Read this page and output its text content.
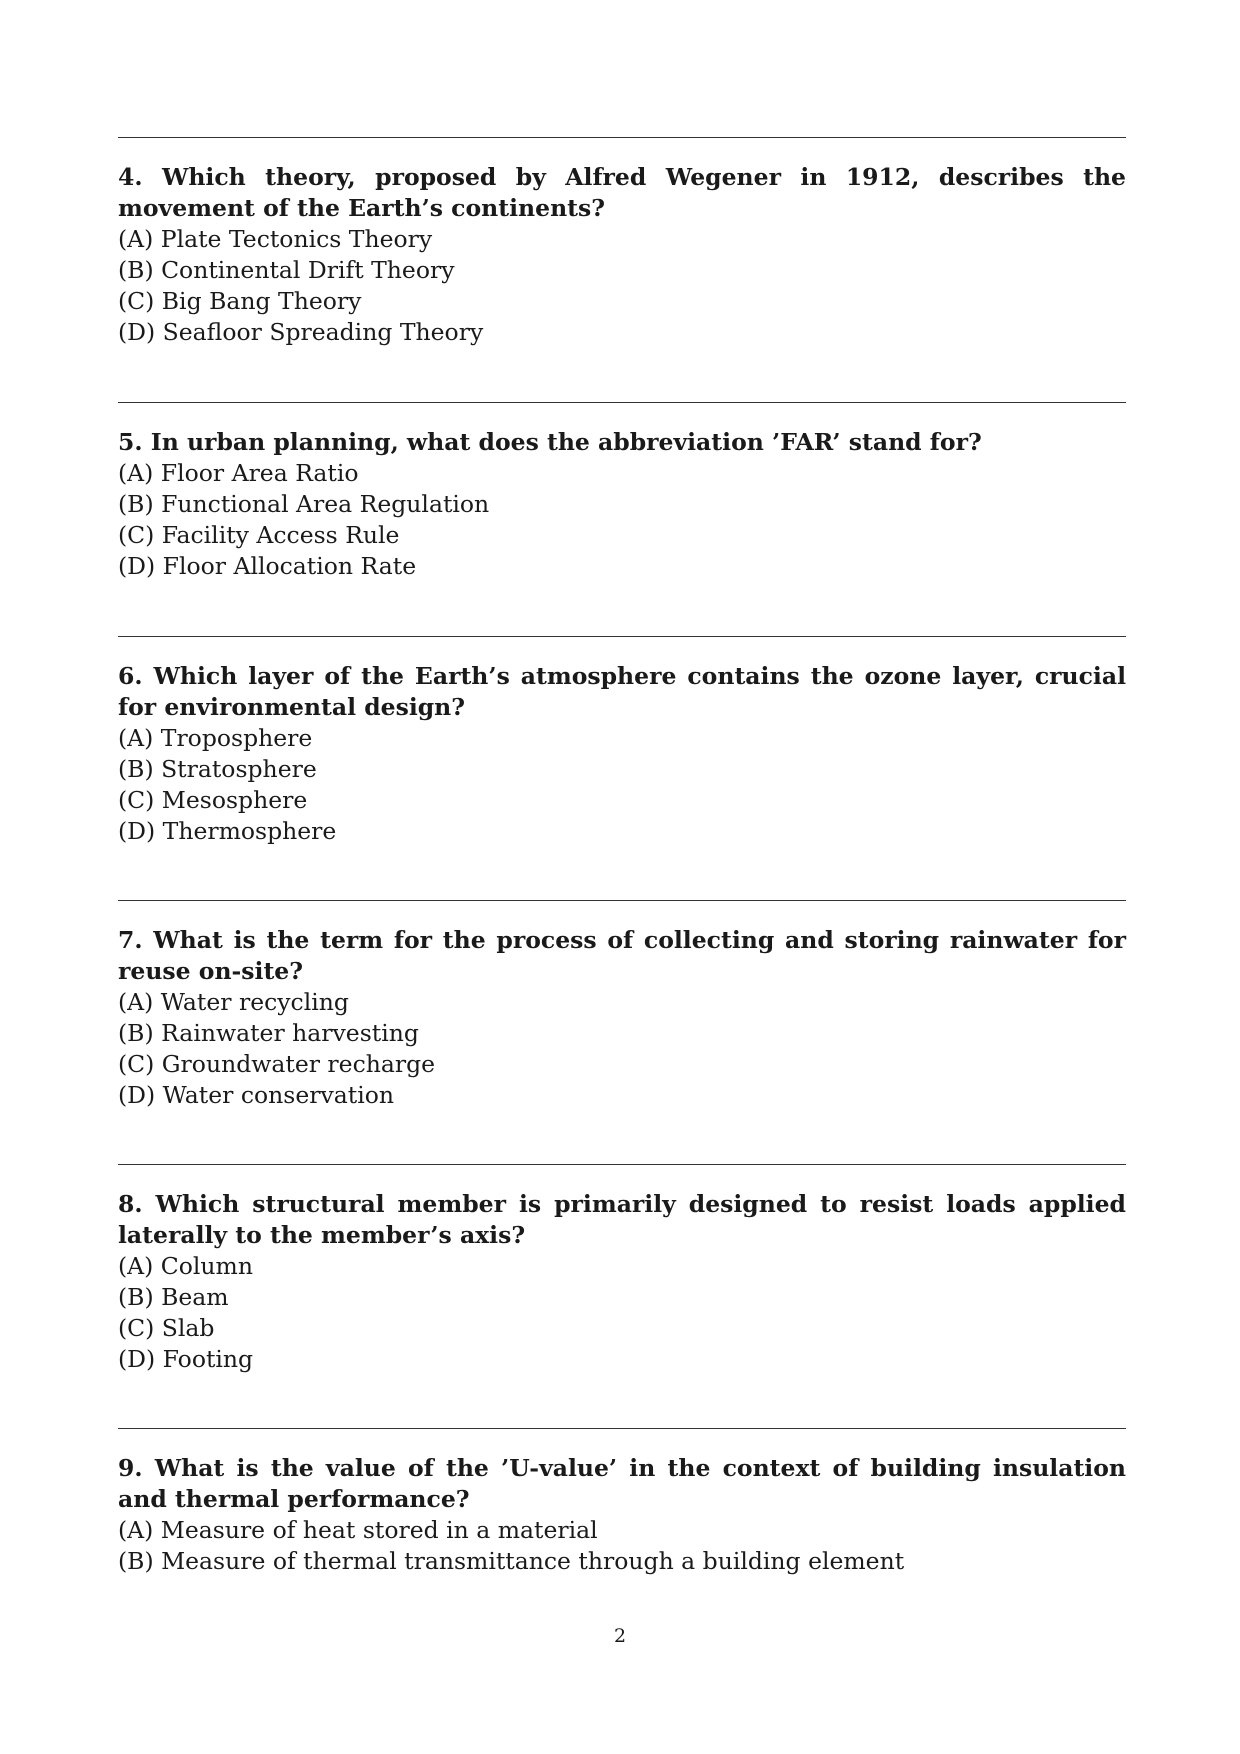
4. Which theory, proposed by Alfred Wegener in 1912, describes the movement of the Earth’s continents?

(A) Plate Tectonics Theory

(B) Continental Drift Theory

(C) Big Bang Theory

(D) Seafloor Spreading Theory

5. In urban planning, what does the abbreviation ’FAR’ stand for?

(A) Floor Area Ratio

(B) Functional Area Regulation

(C) Facility Access Rule

(D) Floor Allocation Rate

6. Which layer of the Earth’s atmosphere contains the ozone layer, crucial for environmental design?

(A) Troposphere

(B) Stratosphere

(C) Mesosphere

(D) Thermosphere

7. What is the term for the process of collecting and storing rainwater for reuse on-site?

(A) Water recycling

(B) Rainwater harvesting

(C) Groundwater recharge

(D) Water conservation

8. Which structural member is primarily designed to resist loads applied laterally to the member’s axis?

(A) Column

(B) Beam

(C) Slab

(D) Footing

9. What is the value of the ’U-value’ in the context of building insulation and thermal performance?

(A) Measure of heat stored in a material

(B) Measure of thermal transmittance through a building element

2
